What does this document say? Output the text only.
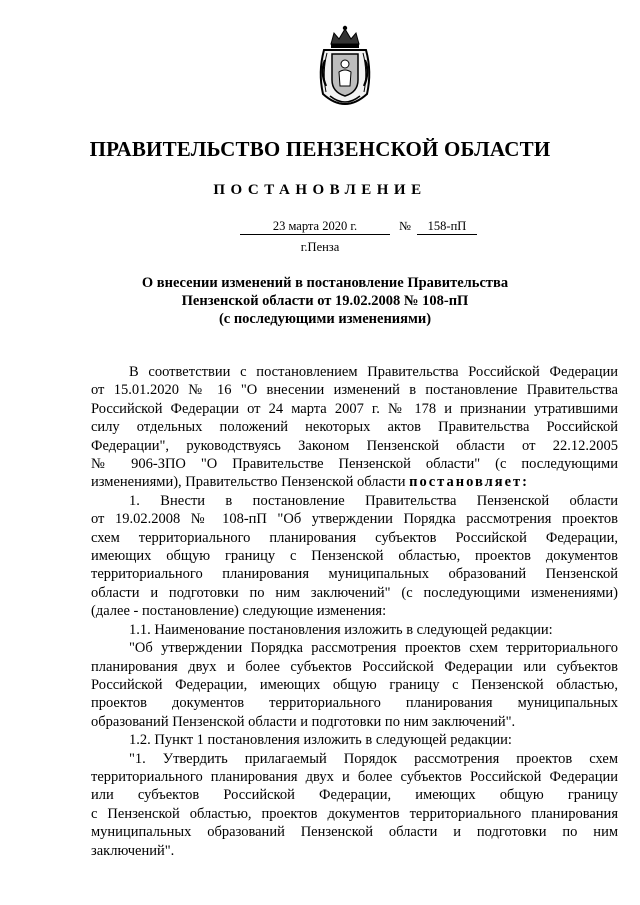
ПРАВИТЕЛЬСТВО ПЕНЗЕНСКОЙ ОБЛАСТИ
ПОСТАНОВЛЕНИЕ
23 марта 2020 г.	№	158-пП
г.Пенза
О внесении изменений в постановление Правительства
Пензенской области от 19.02.2008 № 108-пП
(с последующими изменениями)

В соответствии с постановлением Правительства Российской Федерации

от 15.01.2020 № 16 "О внесении изменений в постановление Правительства

Российской Федерации от 24 марта 2007 г. № 178 и признании утратившими

силу отдельных положений некоторых актов Правительства Российской

Федерации", руководствуясь Законом Пензенской области от 22.12.2005

№ 906-ЗПО "О Правительстве Пензенской области" (с последующими

изменениями), Правительство Пензенской области постановляет:

1. Внести в постановление Правительства Пензенской области

от 19.02.2008 № 108-пП "Об утверждении Порядка рассмотрения проектов

схем территориального планирования субъектов Российской Федерации,

имеющих общую границу с Пензенской областью, проектов документов

территориального планирования муниципальных образований Пензенской

области и подготовки по ним заключений" (с последующими изменениями)

(далее - постановление) следующие изменения:

1.1. Наименование постановления изложить в следующей редакции:

"Об утверждении Порядка рассмотрения проектов схем территориального

планирования двух и более субъектов Российской Федерации или субъектов

Российской Федерации, имеющих общую границу с Пензенской областью,

проектов документов территориального планирования муниципальных

образований Пензенской области и подготовки по ним заключений".

1.2. Пункт 1 постановления изложить в следующей редакции:

"1. Утвердить прилагаемый Порядок рассмотрения проектов схем

территориального планирования двух и более субъектов Российской Федерации

или субъектов Российской Федерации, имеющих общую границу

с Пензенской областью, проектов документов территориального планирования

муниципальных образований Пензенской области и подготовки по ним

заключений".
